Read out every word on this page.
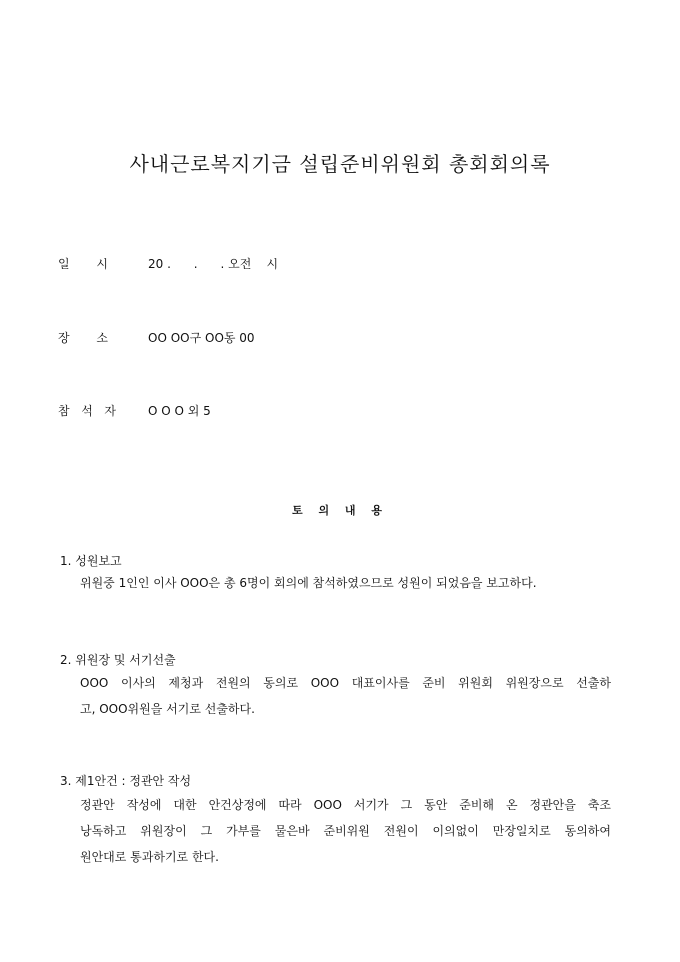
사내근로복지기금 설립준비위원회 총회회의록
일 시	20 .      .      . 오전    시
장 소	OO OO구 OO동 00
참 석 자	O O O 외 5
토 의 내 용
1. 성원보고
위원중 1인인 이사 OOO은 총 6명이 회의에 참석하였으므로 성원이 되었음을 보고하다.
2. 위원장 및 서기선출
OOO 이사의 제청과 전원의 동의로 OOO 대표이사를 준비 위원회 위원장으로 선출하
고, OOO위원을 서기로 선출하다.
3. 제1안건 : 정관안 작성
정관안 작성에 대한 안건상정에 따라 OOO 서기가 그 동안 준비해 온 정관안을 축조
낭독하고 위원장이 그 가부를 물은바 준비위원 전원이 이의없이 만장일치로 동의하여
원안대로 통과하기로 한다.
